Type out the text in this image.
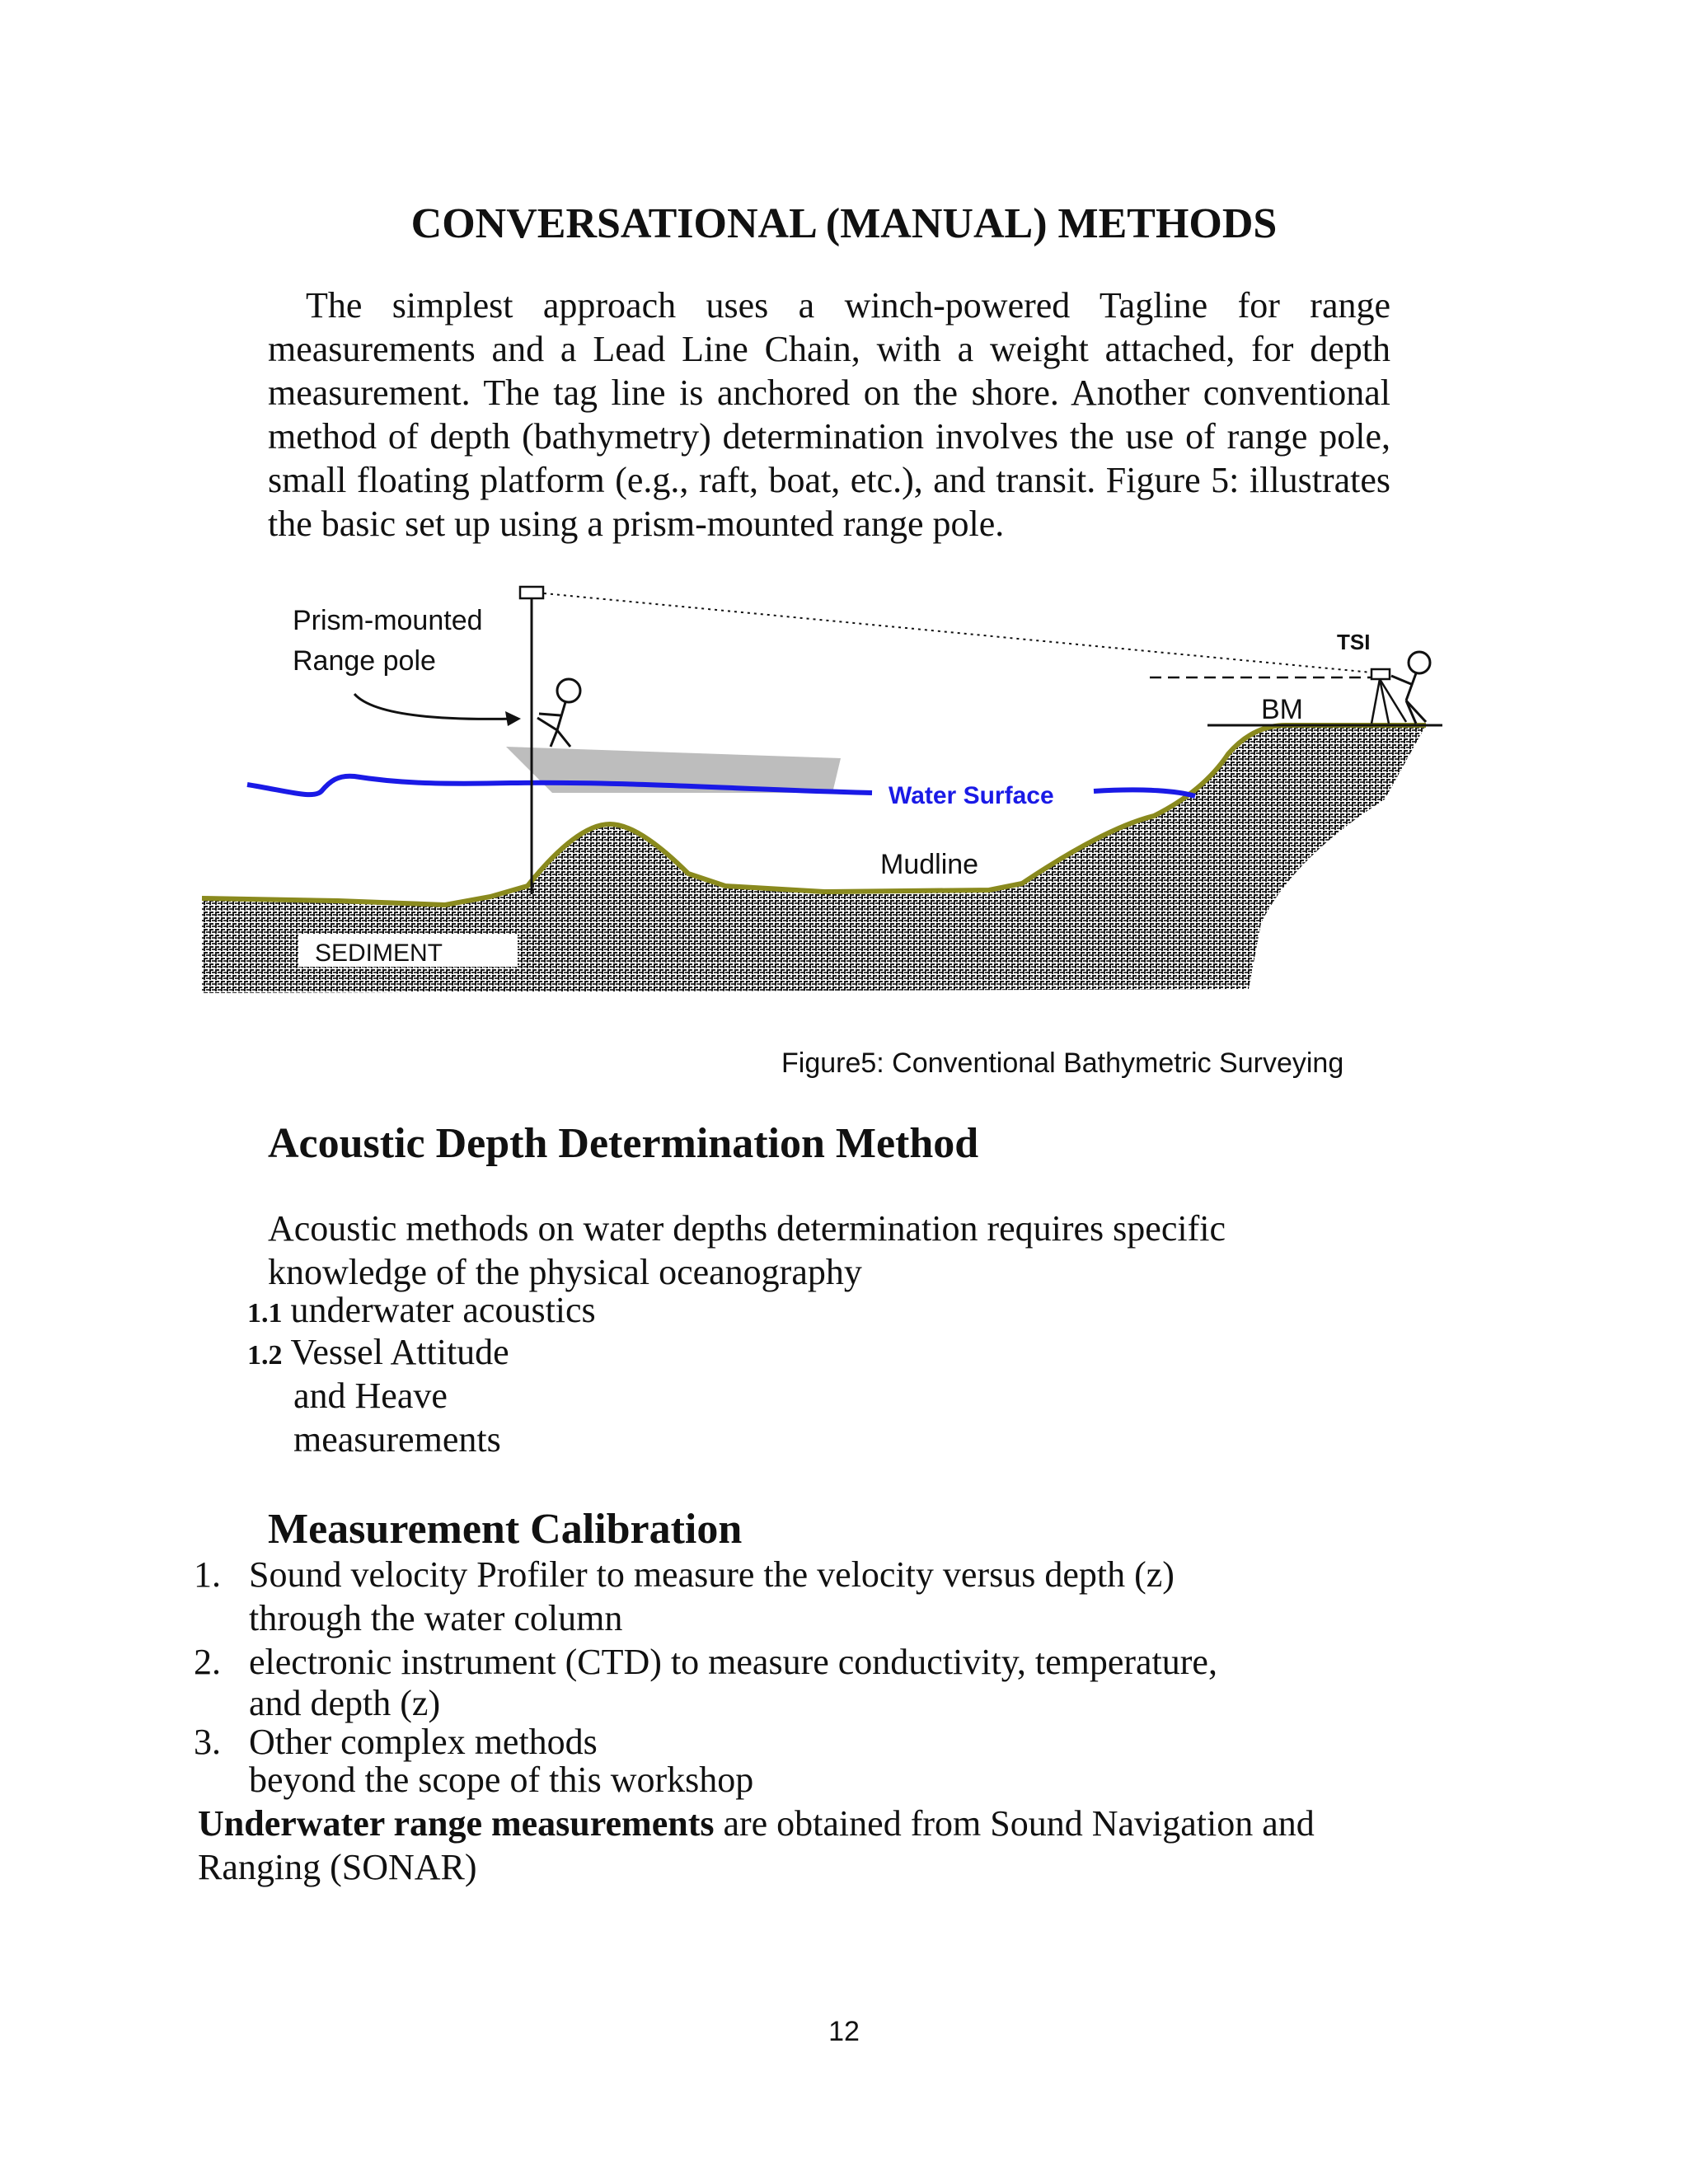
CONVERSATIONAL (MANUAL) METHODS
The simplest approach uses a winch-powered Tagline for range measurements and a Lead Line Chain, with a weight attached, for depth measurement. The tag line is anchored on the shore. Another conventional method of depth (bathymetry) determination involves the use of range pole, small floating platform (e.g., raft, boat, etc.), and transit. Figure 5: illustrates the basic set up using a prism-mounted range pole.
SEDIMENT
Water Surface
Prism-mounted
Range pole
BM
TSI
Mudline
Figure5: Conventional Bathymetric Surveying
Acoustic Depth Determination Method
Acoustic methods on water depths determination requires specific
knowledge of the physical oceanography
1.1 underwater acoustics
1.2 Vessel Attitude
and Heave
measurements
Measurement Calibration
1. Sound velocity Profiler to measure the velocity versus depth (z)
through the water column
2. electronic instrument (CTD) to measure conductivity, temperature,
and depth (z)
3. Other complex methods
beyond the scope of this workshop
Underwater range measurements are obtained from Sound Navigation and
Ranging (SONAR)
12
